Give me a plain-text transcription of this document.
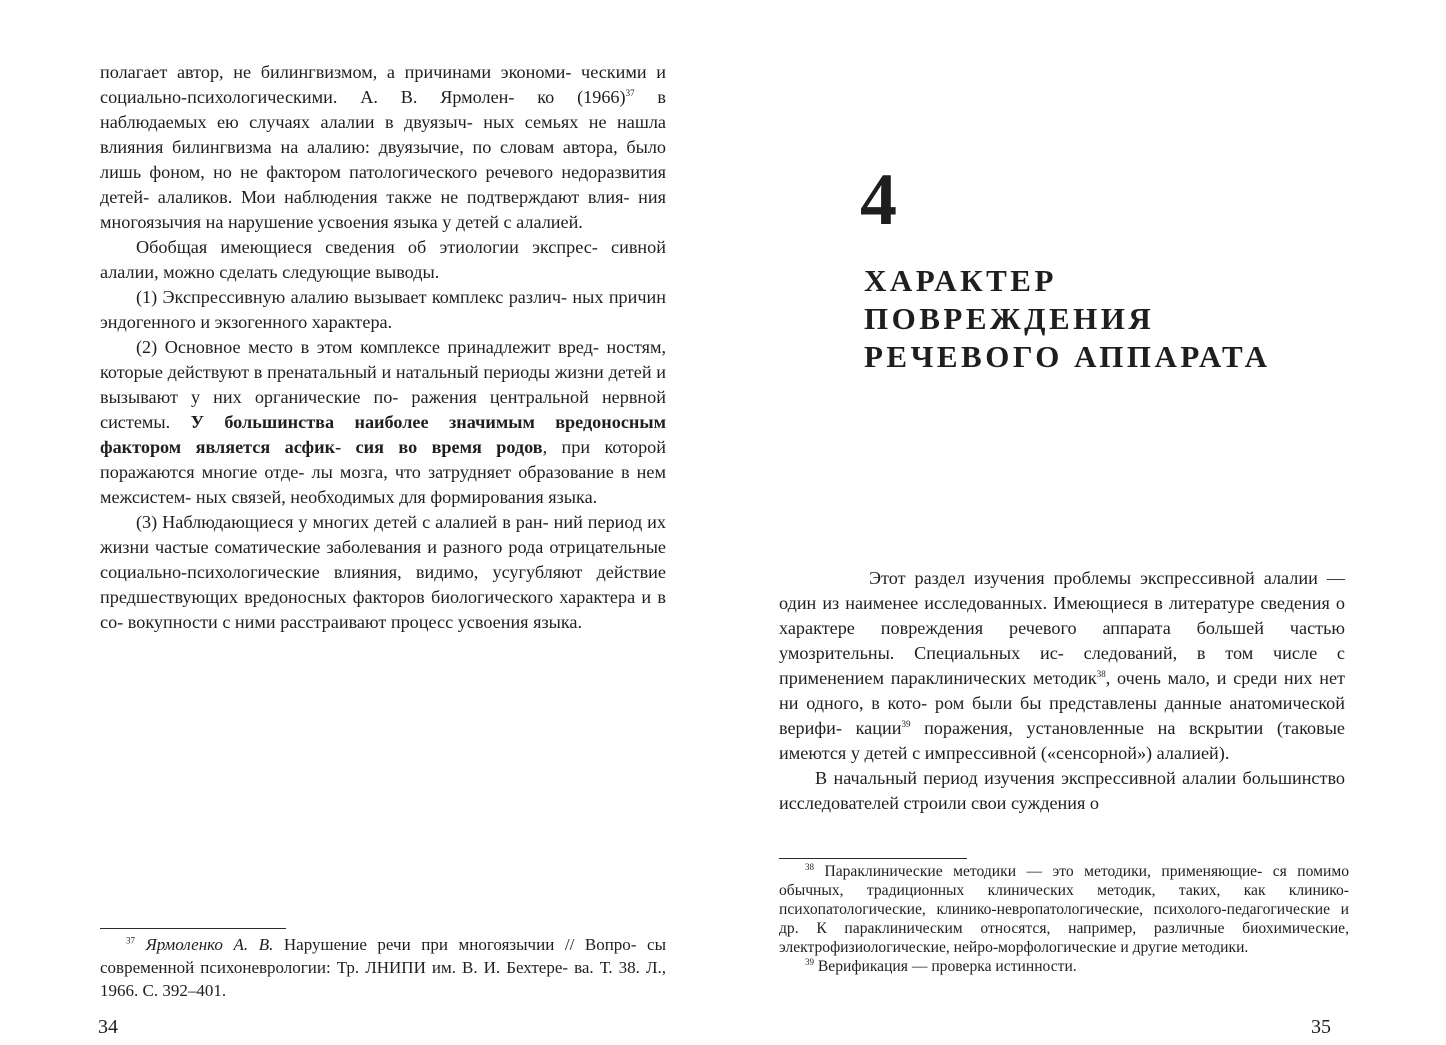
полагает автор, не билингвизмом, а причинами экономи- ческими и социально-психологическими. А. В. Ярмолен- ко $(1966)^{37}$ в наблюдаемых ею случаях алалии в двуязыч- ных семьях не нашла влияния билингвизма на алалию: двуязычие, по словам автора, было лишь фоном, но не фактором патологического речевого недоразвития детей- алаликов. Мои наблюдения также не подтверждают влия- ния многоязычия на нарушение усвоения языка у детей с алалией.

Обобщая имеющиеся сведения об этиологии экспрес- сивной алалии, можно сделать следующие выводы.

(1) Экспрессивную алалию вызывает комплекс различ- ных причин эндогенного и экзогенного характера.

(2) Основное место в этом комплексе принадлежит вред- ностям, которые действуют в пренатальный и натальный периоды жизни детей и вызывают у них органические по- ражения центральной нервной системы. У большинства наиболее значимым вредоносным фактором является асфик- сия во время родов, при которой поражаются многие отде- лы мозга, что затрудняет образование в нем межсистем- ных связей, необходимых для формирования языка.

(3) Наблюдающиеся у многих детей с алалией в ран- ний период их жизни частые соматические заболевания и разного рода отрицательные социально-психологические влияния, видимо, усугубляют действие предшествующих вредоносных факторов биологического характера и в со- вокупности с ними расстраивают процесс усвоения языка.

$^{37}$ Ярмоленко А. В. Нарушение речи при многоязычии // Вопро- сы современной психоневрологии: Тр. ЛНИПИ им. В. И. Бехтере- ва. Т. 38. Л., 1966. С. 392–401.

34
4
ХАРАКТЕР
ПОВРЕЖДЕНИЯ
РЕЧЕВОГО АППАРАТА

Этот раздел изучения проблемы экспрессивной алалии — один из наименее исследованных. Имеющиеся в литературе сведения о характере повреждения речевого аппарата большей частью умозрительны. Специальных ис- следований, в том числе с применением параклинических методик$^{38}$, очень мало, и среди них нет ни одного, в кото- ром были бы представлены данные анатомической верифи- кации$^{39}$ поражения, установленные на вскрытии (таковые имеются у детей с импрессивной («сенсорной») алалией).

В начальный период изучения экспрессивной алалии большинство исследователей строили свои суждения о

$^{38}$ Параклинические методики — это методики, применяющие- ся помимо обычных, традиционных клинических методик, таких, как клинико-психопатологические, клинико-невропатологические, психолого-педагогические и др. К параклиническим относятся, например, различные биохимические, электрофизиологические, нейро-морфологические и другие методики.

$^{39}$ Верификация — проверка истинности.

35
